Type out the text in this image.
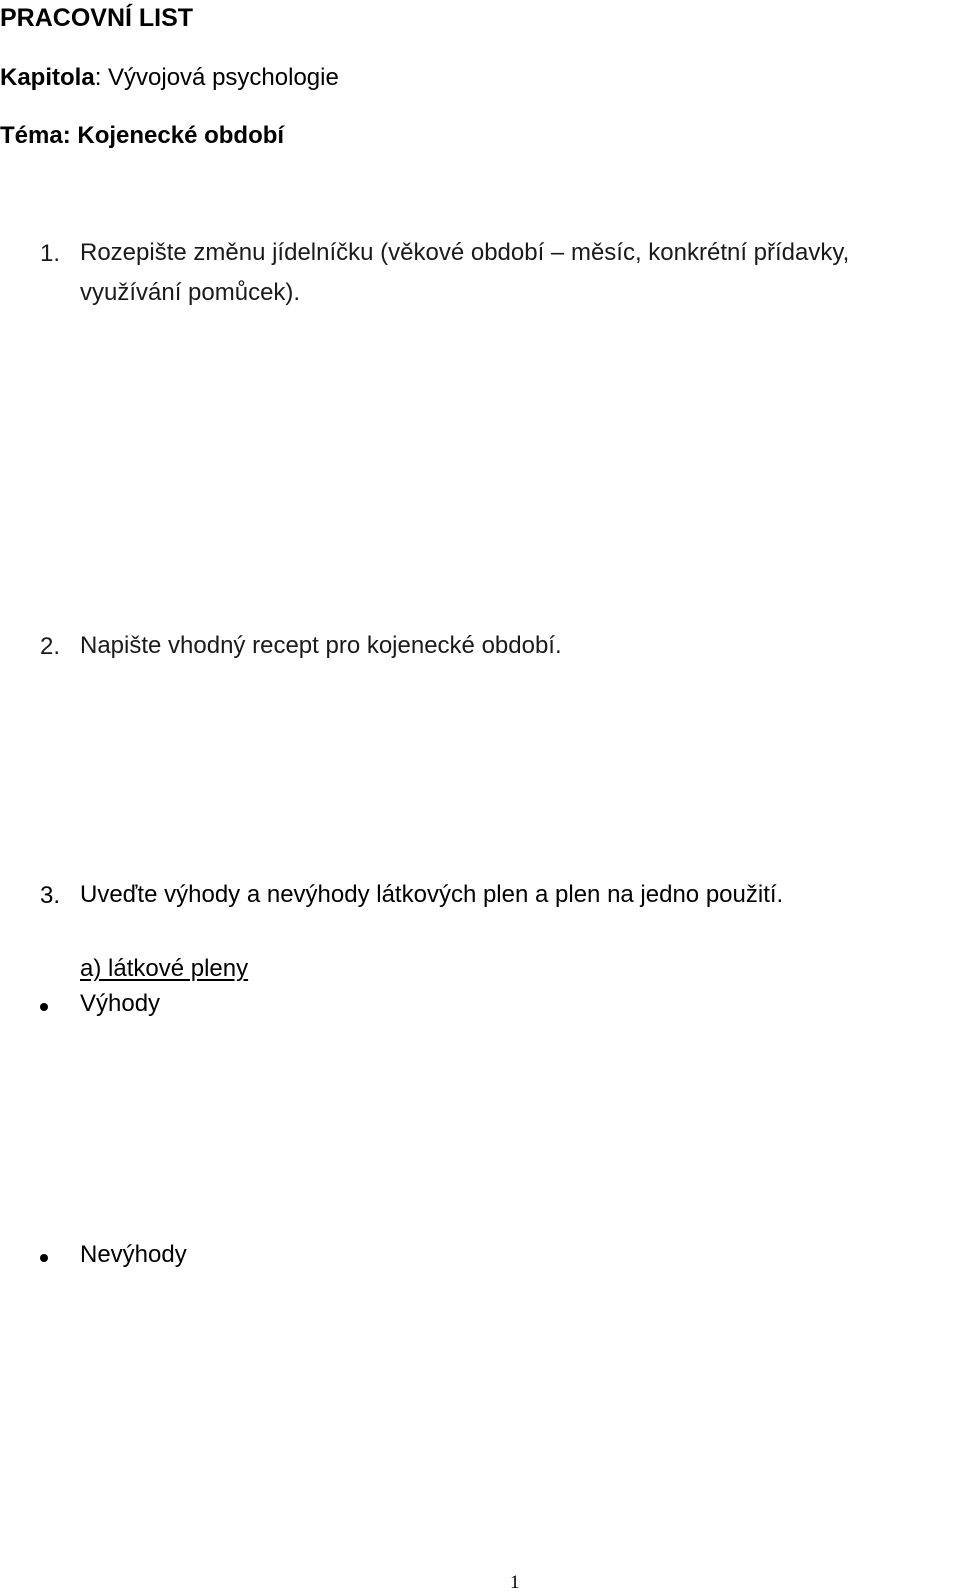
PRACOVNÍ LIST
Kapitola: Vývojová psychologie
Téma: Kojenecké období
1. Rozepište změnu jídelníčku (věkové období – měsíc, konkrétní přídavky,
využívání pomůcek).
2. Napište vhodný recept pro kojenecké období.
3. Uveďte výhody a nevýhody látkových plen a plen na jedno použití.
a) látkové pleny
Výhody
Nevýhody
1
